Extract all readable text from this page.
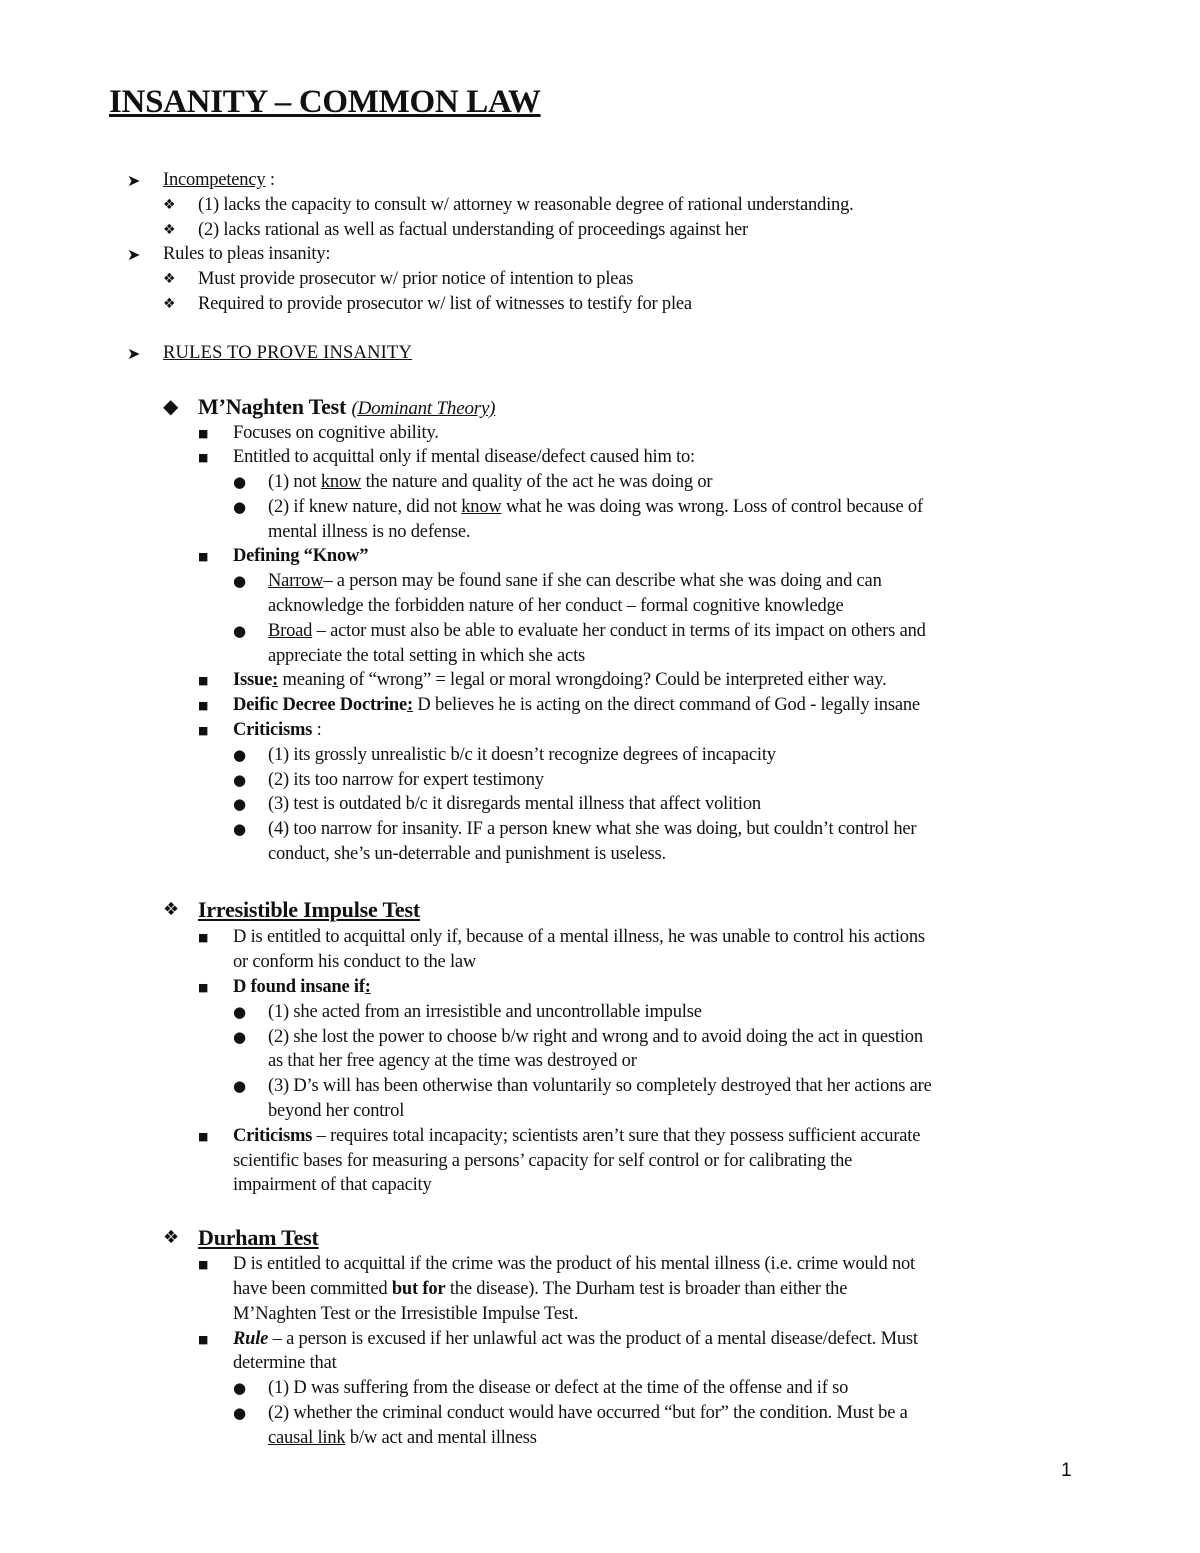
INSANITY – COMMON LAW
➤ Incompetency :
❖ (1) lacks the capacity to consult w/ attorney w reasonable degree of rational understanding.
❖ (2) lacks rational as well as factual understanding of proceedings against her
➤ Rules to pleas insanity:
❖ Must provide prosecutor w/ prior notice of intention to pleas
❖ Required to provide prosecutor w/ list of witnesses to testify for plea
➤ RULES TO PROVE INSANITY
◆ M’Naghten Test (Dominant Theory)
■ Focuses on cognitive ability.
■ Entitled to acquittal only if mental disease/defect caused him to:
● (1) not know the nature and quality of the act he was doing or
● (2) if knew nature, did not know what he was doing was wrong. Loss of control because of
mental illness is no defense.
■ Defining “Know”
● Narrow– a person may be found sane if she can describe what she was doing and can
acknowledge the forbidden nature of her conduct – formal cognitive knowledge
● Broad – actor must also be able to evaluate her conduct in terms of its impact on others and
appreciate the total setting in which she acts
■ Issue: meaning of “wrong” = legal or moral wrongdoing? Could be interpreted either way.
■ Deific Decree Doctrine: D believes he is acting on the direct command of God - legally insane
■ Criticisms :
● (1) its grossly unrealistic b/c it doesn’t recognize degrees of incapacity
● (2) its too narrow for expert testimony
● (3) test is outdated b/c it disregards mental illness that affect volition
● (4) too narrow for insanity. IF a person knew what she was doing, but couldn’t control her
conduct, she’s un-deterrable and punishment is useless.
❖ Irresistible Impulse Test
■ D is entitled to acquittal only if, because of a mental illness, he was unable to control his actions
or conform his conduct to the law
■ D found insane if:
● (1) she acted from an irresistible and uncontrollable impulse
● (2) she lost the power to choose b/w right and wrong and to avoid doing the act in question
as that her free agency at the time was destroyed or
● (3) D’s will has been otherwise than voluntarily so completely destroyed that her actions are
beyond her control
■ Criticisms – requires total incapacity; scientists aren’t sure that they possess sufficient accurate
scientific bases for measuring a persons’ capacity for self control or for calibrating the
impairment of that capacity
❖ Durham Test
■ D is entitled to acquittal if the crime was the product of his mental illness (i.e. crime would not
have been committed but for the disease). The Durham test is broader than either the
M’Naghten Test or the Irresistible Impulse Test.
■ Rule – a person is excused if her unlawful act was the product of a mental disease/defect. Must
determine that
● (1) D was suffering from the disease or defect at the time of the offense and if so
● (2) whether the criminal conduct would have occurred “but for” the condition. Must be a
causal link b/w act and mental illness
1
